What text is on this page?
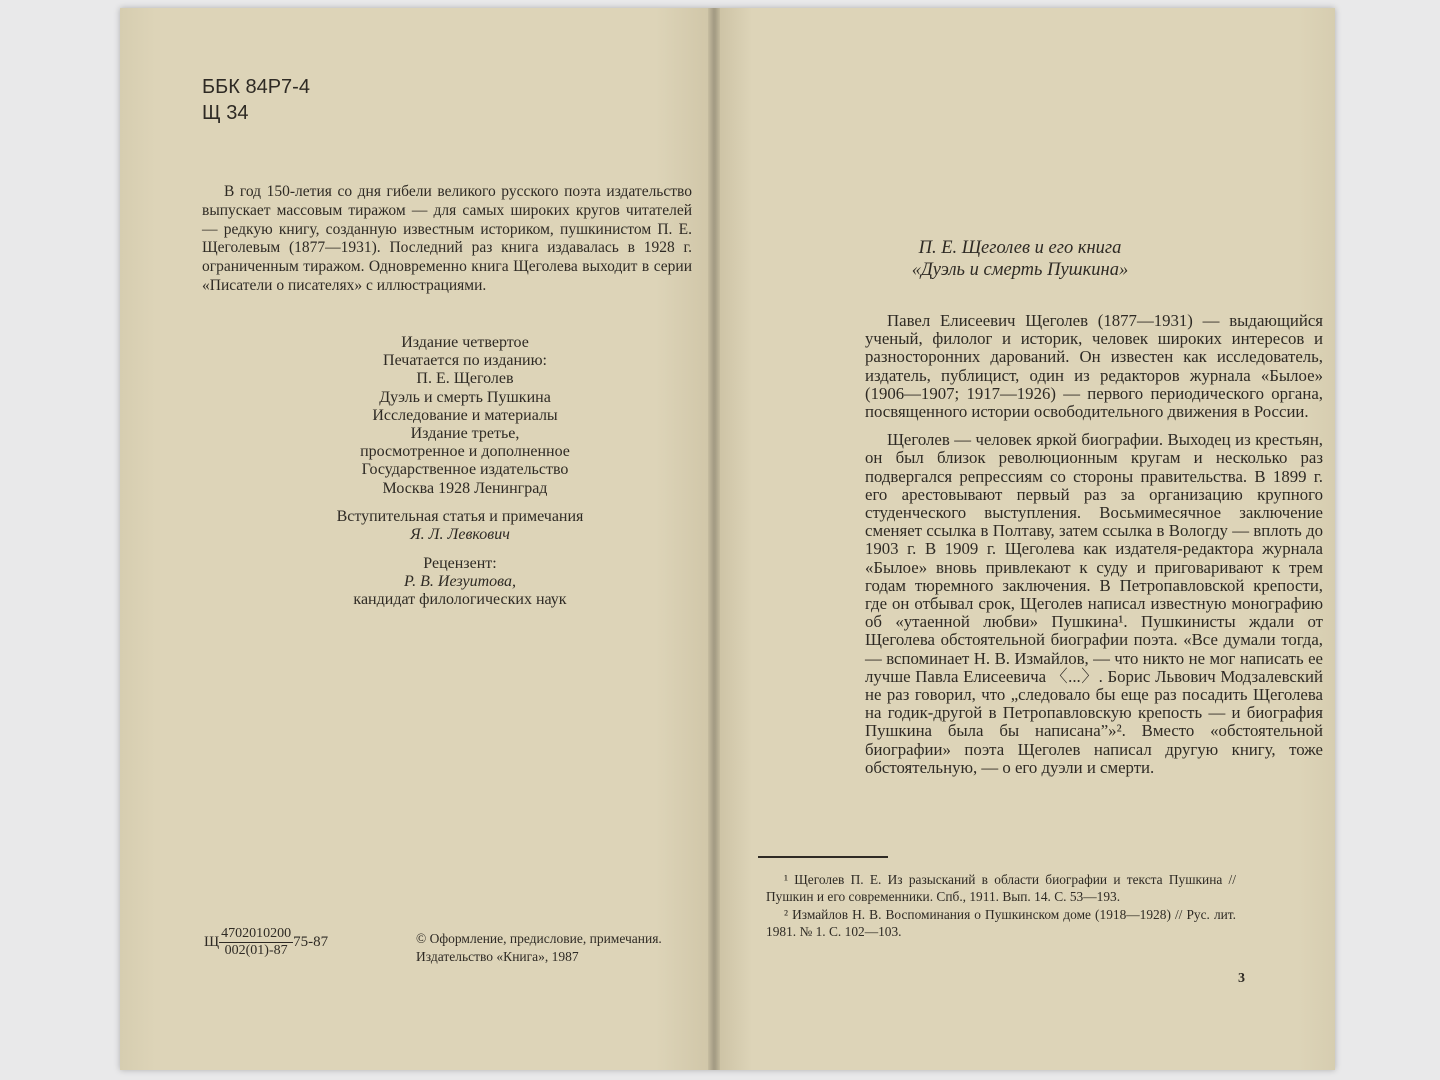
ББК 84Р7-4
Щ 34

В год 150-летия со дня гибели великого русского поэта издательство выпускает массовым тиражом — для самых широких кругов читателей — редкую книгу, созданную известным историком, пушкинистом П. Е. Щеголевым (1877—1931). Последний раз книга издавалась в 1928 г. ограниченным тиражом. Одновременно книга Щеголева выходит в серии «Писатели о писателях» с иллюстрациями.

Издание четвертое
Печатается по изданию:
П. Е. Щеголев
Дуэль и смерть Пушкина
Исследование и материалы
Издание третье,
просмотренное и дополненное
Государственное издательство
Москва 1928 Ленинград
Вступительная статья и примечания
Я. Л. Левкович
Рецензент:
Р. В. Иезуитова,
кандидат филологических наук
Щ $\frac{4702010200}{002(01)-87} 75-87$	© Оформление, предисловие, примечания.
Издательство «Книга», 1987
П. Е. Щеголев и его книга
«Дуэль и смерть Пушкина»

Павел Елисеевич Щеголев (1877—1931) — выдающийся ученый, филолог и историк, человек широких интересов и разносторонних дарований. Он известен как исследователь, издатель, публицист, один из редакторов журнала «Былое» (1906—1907; 1917—1926) — первого периодического органа, посвященного истории освободительного движения в России.

Щеголев — человек яркой биографии. Выходец из крестьян, он был близок революционным кругам и несколько раз подвергался репрессиям со стороны правительства. В 1899 г. его арестовывают первый раз за организацию крупного студенческого выступления. Восьмимесячное заключение сменяет ссылка в Полтаву, затем ссылка в Вологду — вплоть до 1903 г. В 1909 г. Щеголева как издателя-редактора журнала «Былое» вновь привлекают к суду и приговаривают к трем годам тюремного заключения. В Петропавловской крепости, где он отбывал срок, Щеголев написал известную монографию об «утаенной любви» Пушкина¹. Пушкинисты ждали от Щеголева обстоятельной биографии поэта. «Все думали тогда, — вспоминает Н. В. Измайлов, — что никто не мог написать ее лучше Павла Елисеевича 〈...〉. Борис Львович Модзалевский не раз говорил, что „следовало бы еще раз посадить Щеголева на годик-другой в Петропавловскую крепость — и биография Пушкина была бы написана”»². Вместо «обстоятельной биографии» поэта Щеголев написал другую книгу, тоже обстоятельную, — о его дуэли и смерти.

¹ Щеголев П. Е. Из разысканий в области биографии и текста Пушкина // Пушкин и его современники. Спб., 1911. Вып. 14. С. 53—193.

² Измайлов Н. В. Воспоминания о Пушкинском доме (1918—1928) // Рус. лит. 1981. № 1. С. 102—103.

3
